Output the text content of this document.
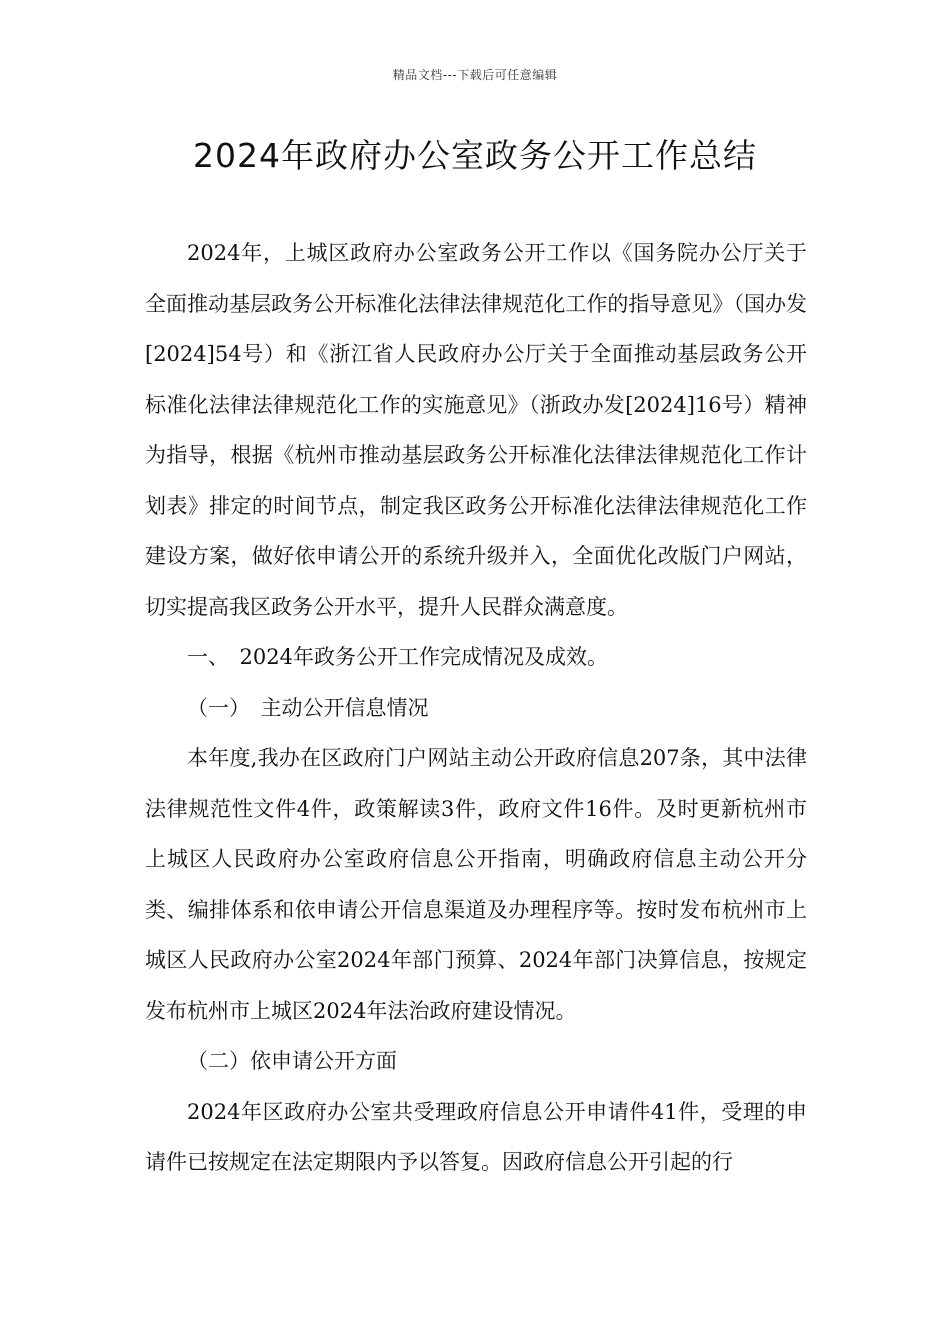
精品文档---下载后可任意编辑
2024年政府办公室政务公开工作总结

2024年，上城区政府办公室政务公开工作以《国务院办公厅关于全面推动基层政务公开标准化法律法律规范化工作的指导意见》（国办发[2024]54号）和《浙江省人民政府办公厅关于全面推动基层政务公开标准化法律法律规范化工作的实施意见》（浙政办发[2024]16号）精神为指导，根据《杭州市推动基层政务公开标准化法律法律规范化工作计划表》排定的时间节点，制定我区政务公开标准化法律法律规范化工作建设方案，做好依申请公开的系统升级并入，全面优化改版门户网站，切实提高我区政务公开水平，提升人民群众满意度。

一、　2024年政务公开工作完成情况及成效。

（一）　主动公开信息情况

本年度,我办在区政府门户网站主动公开政府信息207条，其中法律法律规范性文件4件，政策解读3件，政府文件16件。及时更新杭州市上城区人民政府办公室政府信息公开指南，明确政府信息主动公开分类、编排体系和依申请公开信息渠道及办理程序等。按时发布杭州市上城区人民政府办公室2024年部门预算、2024年部门决算信息，按规定发布杭州市上城区2024年法治政府建设情况。

（二）依申请公开方面

2024年区政府办公室共受理政府信息公开申请件41件，受理的申请件已按规定在法定期限内予以答复。因政府信息公开引起的行
